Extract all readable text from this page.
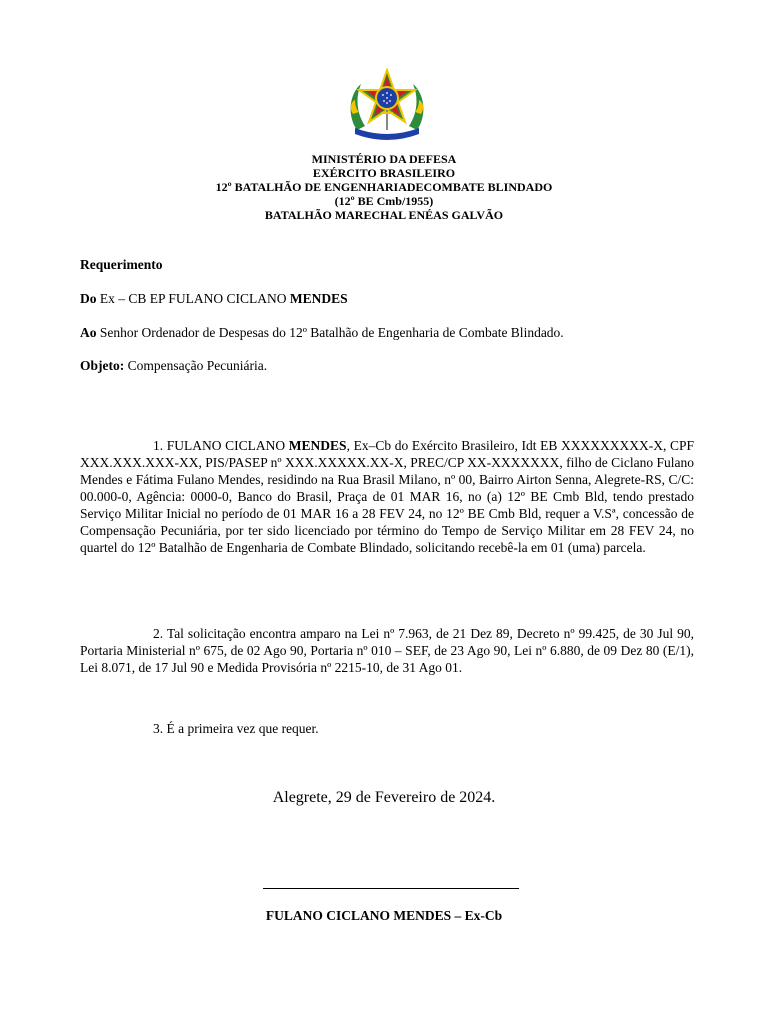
MINISTÉRIO DA DEFESA
EXÉRCITO BRASILEIRO
12º BATALHÃO DE ENGENHARIADECOMBATE BLINDADO
(12º BE Cmb/1955)
BATALHÃO MARECHAL ENÉAS GALVÃO
Requerimento
Do Ex – CB EP FULANO CICLANO MENDES
Ao Senhor Ordenador de Despesas do 12º Batalhão de Engenharia de Combate Blindado.
Objeto: Compensação Pecuniária.
1. FULANO CICLANO MENDES, Ex–Cb do Exército Brasileiro, Idt EB XXXXXXXXX-X, CPF XXX.XXX.XXX-XX, PIS/PASEP nº XXX.XXXXX.XX-X, PREC/CP XX-XXXXXXX, filho de Ciclano Fulano Mendes e Fátima Fulano Mendes, residindo na Rua Brasil Milano, nº 00, Bairro Airton Senna, Alegrete-RS, C/C: 00.000-0, Agência: 0000-0, Banco do Brasil, Praça de 01 MAR 16, no (a) 12º BE Cmb Bld, tendo prestado Serviço Militar Inicial no período de 01 MAR 16 a 28 FEV 24, no 12º BE Cmb Bld, requer a V.Sª, concessão de Compensação Pecuniária, por ter sido licenciado por término do Tempo de Serviço Militar em 28 FEV 24, no quartel do 12º Batalhão de Engenharia de Combate Blindado, solicitando recebê-la em 01 (uma) parcela.
2. Tal solicitação encontra amparo na Lei nº 7.963, de 21 Dez 89, Decreto nº 99.425, de 30 Jul 90, Portaria Ministerial nº 675, de 02 Ago 90, Portaria nº 010 – SEF, de 23 Ago 90, Lei nº 6.880, de 09 Dez 80 (E/1), Lei 8.071, de 17 Jul 90 e Medida Provisória nº 2215-10, de 31 Ago 01.
3. É a primeira vez que requer.
Alegrete, 29 de Fevereiro de 2024.
FULANO CICLANO MENDES – Ex-Cb
